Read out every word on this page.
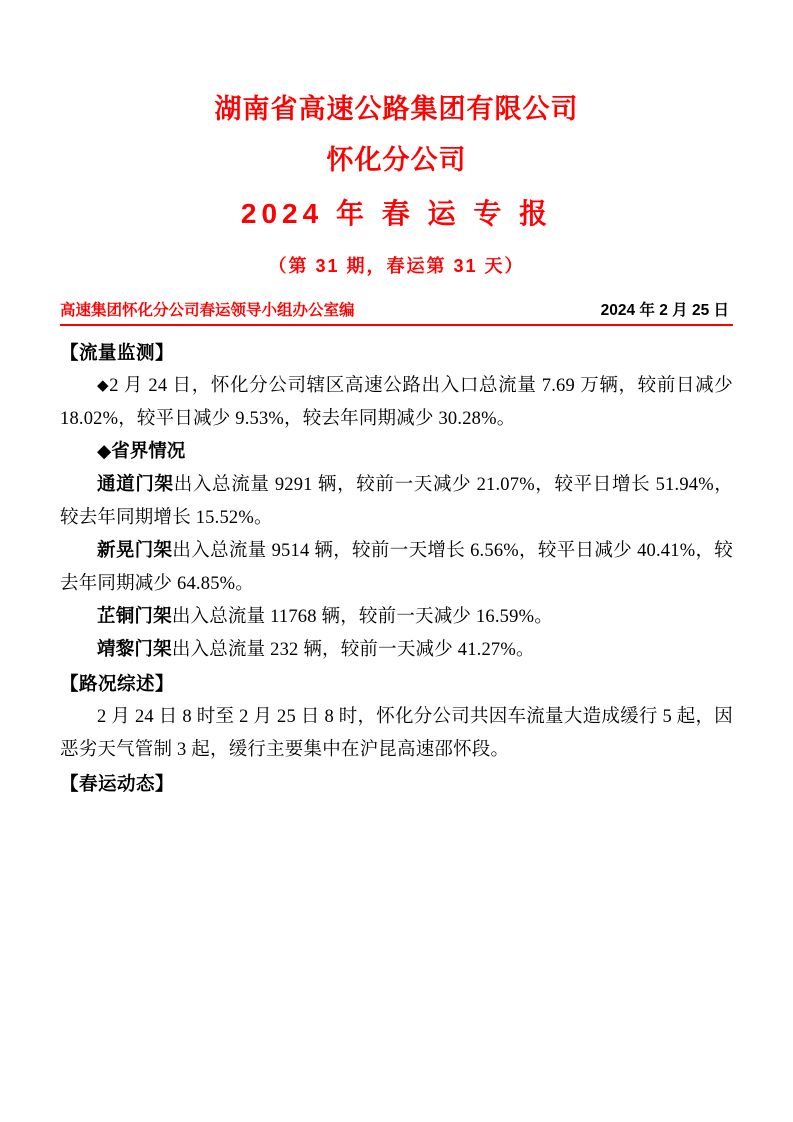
湖南省高速公路集团有限公司
怀化分公司
2024 年 春 运 专 报
（第 31 期，春运第 31 天）
高速集团怀化分公司春运领导小组办公室编	2024 年 2 月 25 日
【流量监测】

◆2 月 24 日，怀化分公司辖区高速公路出入口总流量 7.69 万辆，较前日减少 18.02%，较平日减少 9.53%，较去年同期减少 30.28%。

◆省界情况

通道门架出入总流量 9291 辆，较前一天减少 21.07%，较平日增长 51.94%，较去年同期增长 15.52%。

新晃门架出入总流量 9514 辆，较前一天增长 6.56%，较平日减少 40.41%，较去年同期减少 64.85%。

芷铜门架出入总流量 11768 辆，较前一天减少 16.59%。

靖黎门架出入总流量 232 辆，较前一天减少 41.27%。

【路况综述】

2 月 24 日 8 时至 2 月 25 日 8 时，怀化分公司共因车流量大造成缓行 5 起，因恶劣天气管制 3 起，缓行主要集中在沪昆高速邵怀段。

【春运动态】
